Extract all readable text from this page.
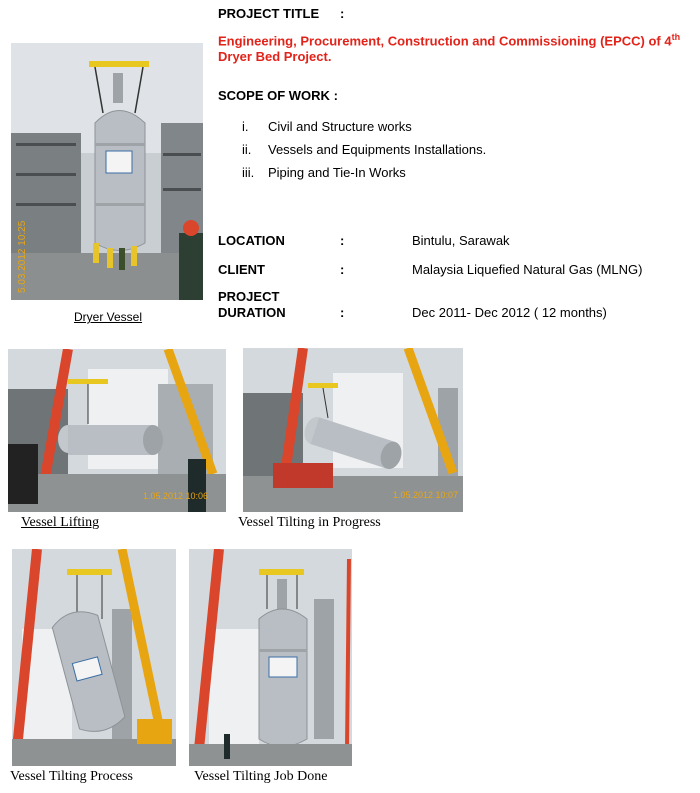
PROJECT TITLE :
Engineering, Procurement, Construction and Commissioning (EPCC) of 4th
Dryer Bed Project.
SCOPE OF WORK :
i. Civil and Structure works
ii. Vessels and Equipments Installations.
iii. Piping and Tie-In Works
LOCATION	:	Bintulu, Sarawak
CLIENT	:	Malaysia Liquefied Natural Gas (MLNG)
PROJECT
DURATION	:	Dec 2011- Dec 2012 ( 12 months)
5.03.2012 10:25
Dryer Vessel
1.05.2012 10:06
Vessel Lifting
1.05.2012 10:07
Vessel Tilting in Progress
Vessel Tilting Process	Vessel Tilting Job Done
